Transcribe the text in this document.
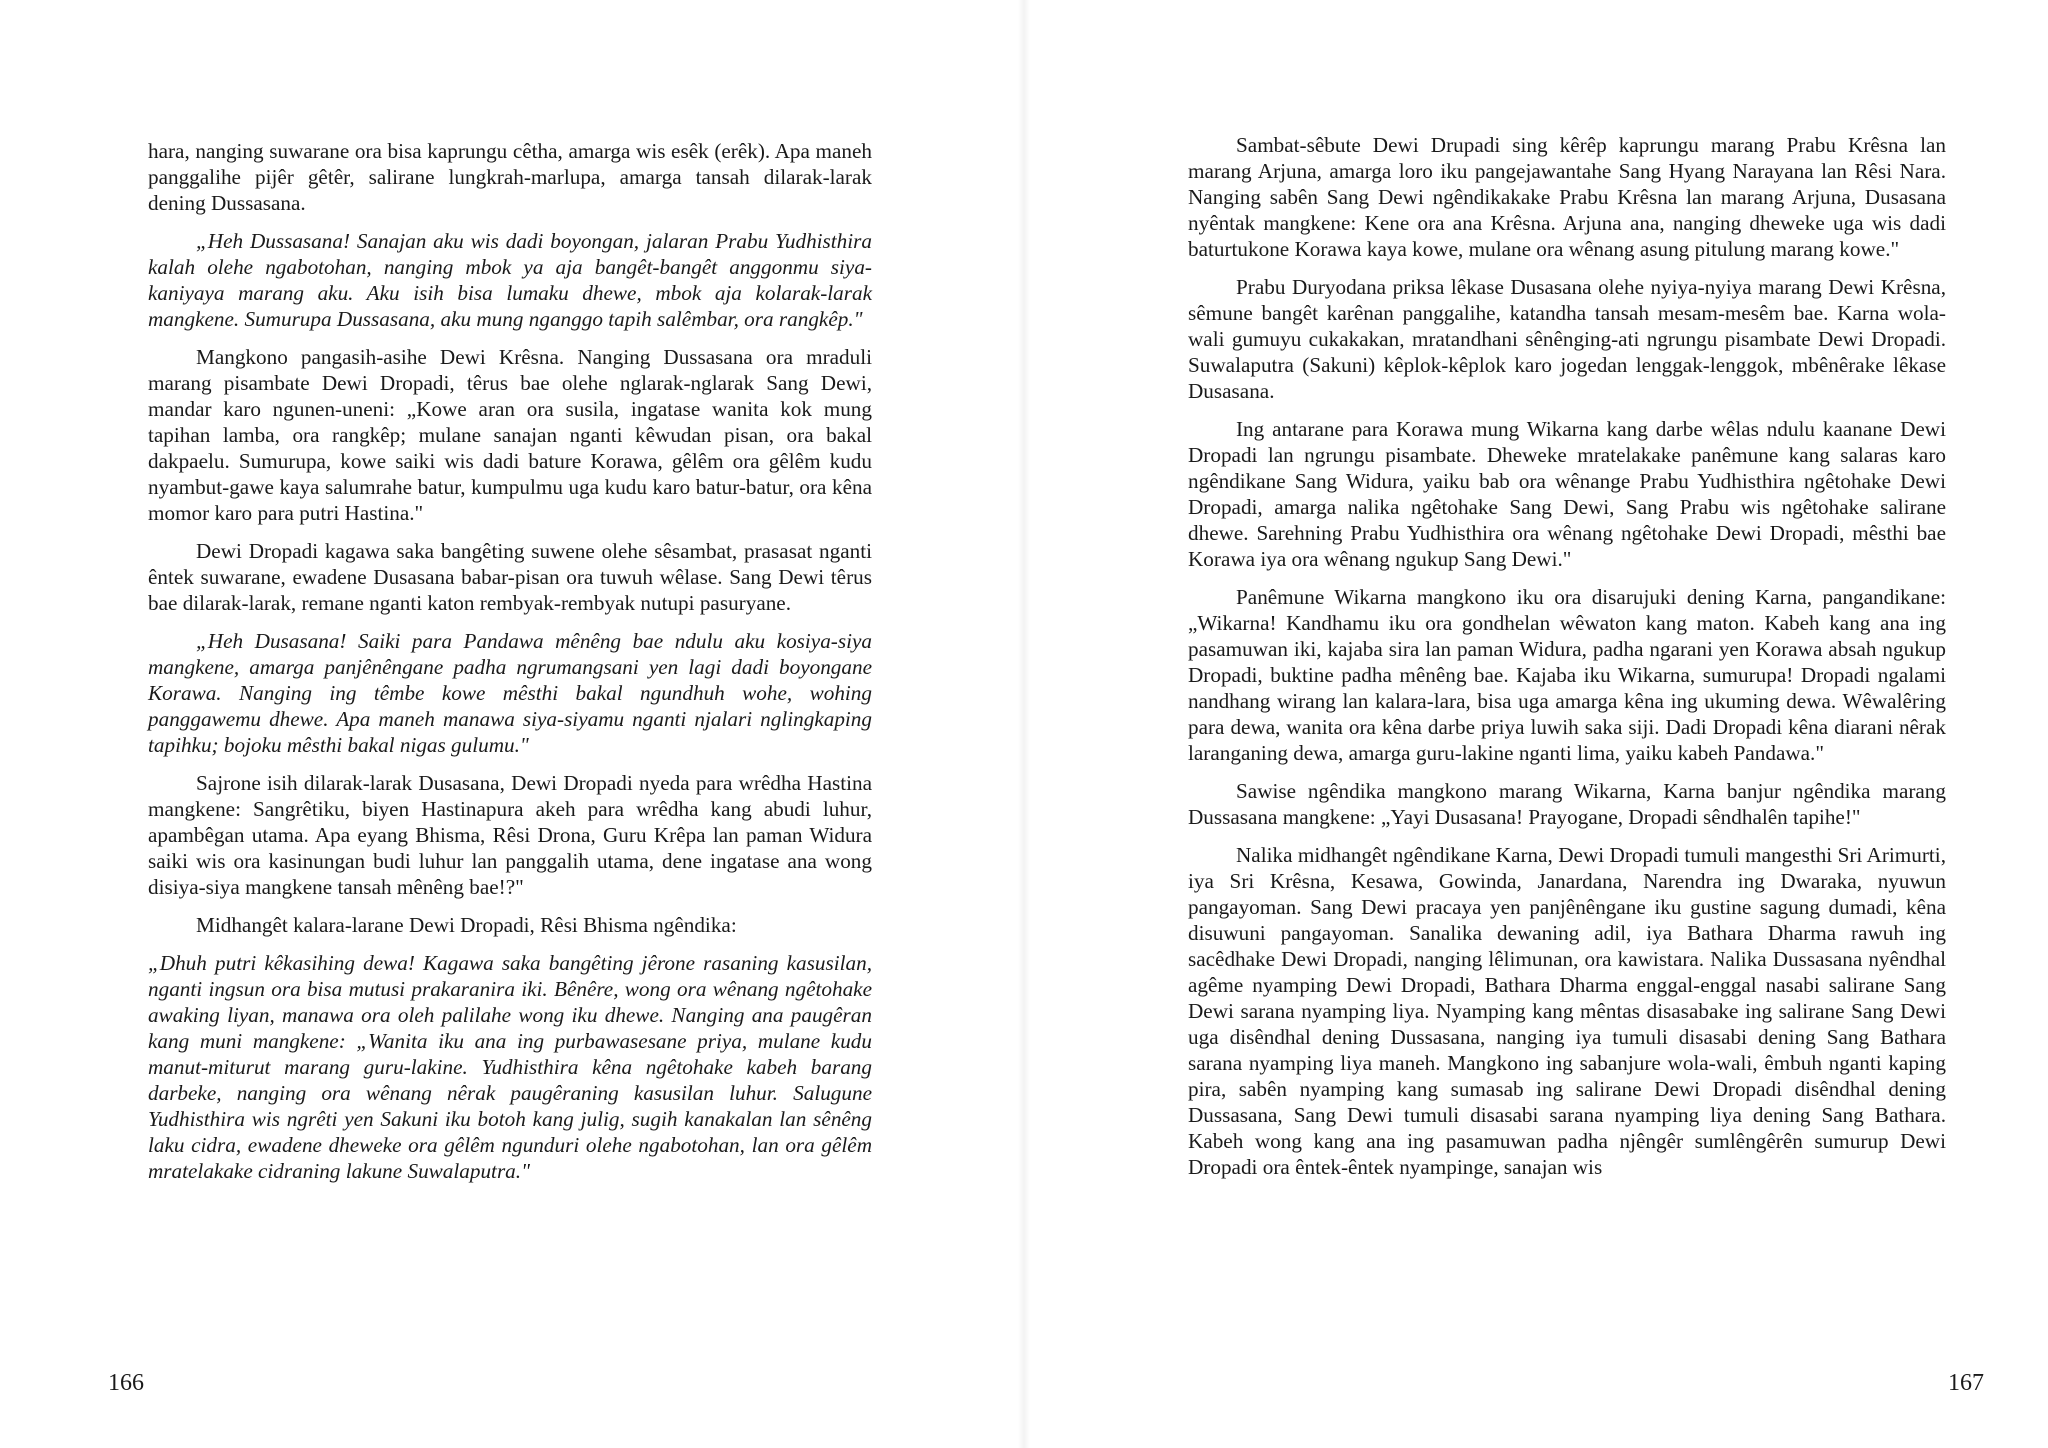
hara, nanging suwarane ora bisa kaprungu cêtha, amarga wis esêk (erêk). Apa maneh panggalihe pijêr gêtêr, salirane lungkrah-marlupa, amarga tansah dilarak-larak dening Dussasana.

„Heh Dussasana! Sanajan aku wis dadi boyongan, jalaran Prabu Yudhisthira kalah olehe ngabotohan, nanging mbok ya aja bangêt-bangêt anggonmu siya-kaniyaya marang aku. Aku isih bisa lumaku dhewe, mbok aja kolarak-larak mangkene. Sumurupa Dussasana, aku mung nganggo tapih salêmbar, ora rangkêp."

Mangkono pangasih-asihe Dewi Krêsna. Nanging Dussasana ora mraduli marang pisambate Dewi Dropadi, têrus bae olehe nglarak-nglarak Sang Dewi, mandar karo ngunen-uneni: „Kowe aran ora susila, ingatase wanita kok mung tapihan lamba, ora rangkêp; mulane sanajan nganti kêwudan pisan, ora bakal dakpaelu. Sumurupa, kowe saiki wis dadi bature Korawa, gêlêm ora gêlêm kudu nyambut-gawe kaya salumrahe batur, kumpulmu uga kudu karo batur-batur, ora kêna momor karo para putri Hastina."

Dewi Dropadi kagawa saka bangêting suwene olehe sêsambat, prasasat nganti êntek suwarane, ewadene Dusasana babar-pisan ora tuwuh wêlase. Sang Dewi têrus bae dilarak-larak, remane nganti katon rembyak-rembyak nutupi pasuryane.

„Heh Dusasana! Saiki para Pandawa mênêng bae ndulu aku kosiya-siya mangkene, amarga panjênêngane padha ngrumangsani yen lagi dadi boyongane Korawa. Nanging ing têmbe kowe mêsthi bakal ngundhuh wohe, wohing panggawemu dhewe. Apa maneh manawa siya-siyamu nganti njalari nglingkaping tapihku; bojoku mêsthi bakal nigas gulumu."

Sajrone isih dilarak-larak Dusasana, Dewi Dropadi nyeda para wrêdha Hastina mangkene: Sangrêtiku, biyen Hastinapura akeh para wrêdha kang abudi luhur, apambêgan utama. Apa eyang Bhisma, Rêsi Drona, Guru Krêpa lan paman Widura saiki wis ora kasinungan budi luhur lan panggalih utama, dene ingatase ana wong disiya-siya mangkene tansah mênêng bae!?"

Midhangêt kalara-larane Dewi Dropadi, Rêsi Bhisma ngêndika:

„Dhuh putri kêkasihing dewa! Kagawa saka bangêting jêrone rasaning kasusilan, nganti ingsun ora bisa mutusi prakaranira iki. Bênêre, wong ora wênang ngêtohake awaking liyan, manawa ora oleh palilahe wong iku dhewe. Nanging ana paugêran kang muni mangkene: „Wanita iku ana ing purbawasesane priya, mulane kudu manut-miturut marang guru-lakine. Yudhisthira kêna ngêtohake kabeh barang darbeke, nanging ora wênang nêrak paugêraning kasusilan luhur. Salugune Yudhisthira wis ngrêti yen Sakuni iku botoh kang julig, sugih kanakalan lan sênêng laku cidra, ewadene dheweke ora gêlêm ngunduri olehe ngabotohan, lan ora gêlêm mratelakake cidraning lakune Suwalaputra."

166

Sambat-sêbute Dewi Drupadi sing kêrêp kaprungu marang Prabu Krêsna lan marang Arjuna, amarga loro iku pangejawantahe Sang Hyang Narayana lan Rêsi Nara. Nanging sabên Sang Dewi ngêndikakake Prabu Krêsna lan marang Arjuna, Dusasana nyêntak mangkene: Kene ora ana Krêsna. Arjuna ana, nanging dheweke uga wis dadi baturtukone Korawa kaya kowe, mulane ora wênang asung pitulung marang kowe."

Prabu Duryodana priksa lêkase Dusasana olehe nyiya-nyiya marang Dewi Krêsna, sêmune bangêt karênan panggalihe, katandha tansah mesam-mesêm bae. Karna wola-wali gumuyu cukakakan, mratandhani sênênging-ati ngrungu pisambate Dewi Dropadi. Suwalaputra (Sakuni) kêplok-kêplok karo jogedan lenggak-lenggok, mbênêrake lêkase Dusasana.

Ing antarane para Korawa mung Wikarna kang darbe wêlas ndulu kaanane Dewi Dropadi lan ngrungu pisambate. Dheweke mratelakake panêmune kang salaras karo ngêndikane Sang Widura, yaiku bab ora wênange Prabu Yudhisthira ngêtohake Dewi Dropadi, amarga nalika ngêtohake Sang Dewi, Sang Prabu wis ngêtohake salirane dhewe. Sarehning Prabu Yudhisthira ora wênang ngêtohake Dewi Dropadi, mêsthi bae Korawa iya ora wênang ngukup Sang Dewi."

Panêmune Wikarna mangkono iku ora disarujuki dening Karna, pangandikane: „Wikarna! Kandhamu iku ora gondhelan wêwaton kang maton. Kabeh kang ana ing pasamuwan iki, kajaba sira lan paman Widura, padha ngarani yen Korawa absah ngukup Dropadi, buktine padha mênêng bae. Kajaba iku Wikarna, sumurupa! Dropadi ngalami nandhang wirang lan kalara-lara, bisa uga amarga kêna ing ukuming dewa. Wêwalêring para dewa, wanita ora kêna darbe priya luwih saka siji. Dadi Dropadi kêna diarani nêrak laranganing dewa, amarga guru-lakine nganti lima, yaiku kabeh Pandawa."

Sawise ngêndika mangkono marang Wikarna, Karna banjur ngêndika marang Dussasana mangkene: „Yayi Dusasana! Prayogane, Dropadi sêndhalên tapihe!"

Nalika midhangêt ngêndikane Karna, Dewi Dropadi tumuli mangesthi Sri Arimurti, iya Sri Krêsna, Kesawa, Gowinda, Janardana, Narendra ing Dwaraka, nyuwun pangayoman. Sang Dewi pracaya yen panjênêngane iku gustine sagung dumadi, kêna disuwuni pangayoman. Sanalika dewaning adil, iya Bathara Dharma rawuh ing sacêdhake Dewi Dropadi, nanging lêlimunan, ora kawistara. Nalika Dussasana nyêndhal agême nyamping Dewi Dropadi, Bathara Dharma enggal-enggal nasabi salirane Sang Dewi sarana nyamping liya. Nyamping kang mêntas disasabake ing salirane Sang Dewi uga disêndhal dening Dussasana, nanging iya tumuli disasabi dening Sang Bathara sarana nyamping liya maneh. Mangkono ing sabanjure wola-wali, êmbuh nganti kaping pira, sabên nyamping kang sumasab ing salirane Dewi Dropadi disêndhal dening Dussasana, Sang Dewi tumuli disasabi sarana nyamping liya dening Sang Bathara. Kabeh wong kang ana ing pasamuwan padha njêngêr sumlêngêrên sumurup Dewi Dropadi ora êntek-êntek nyampinge, sanajan wis

167
